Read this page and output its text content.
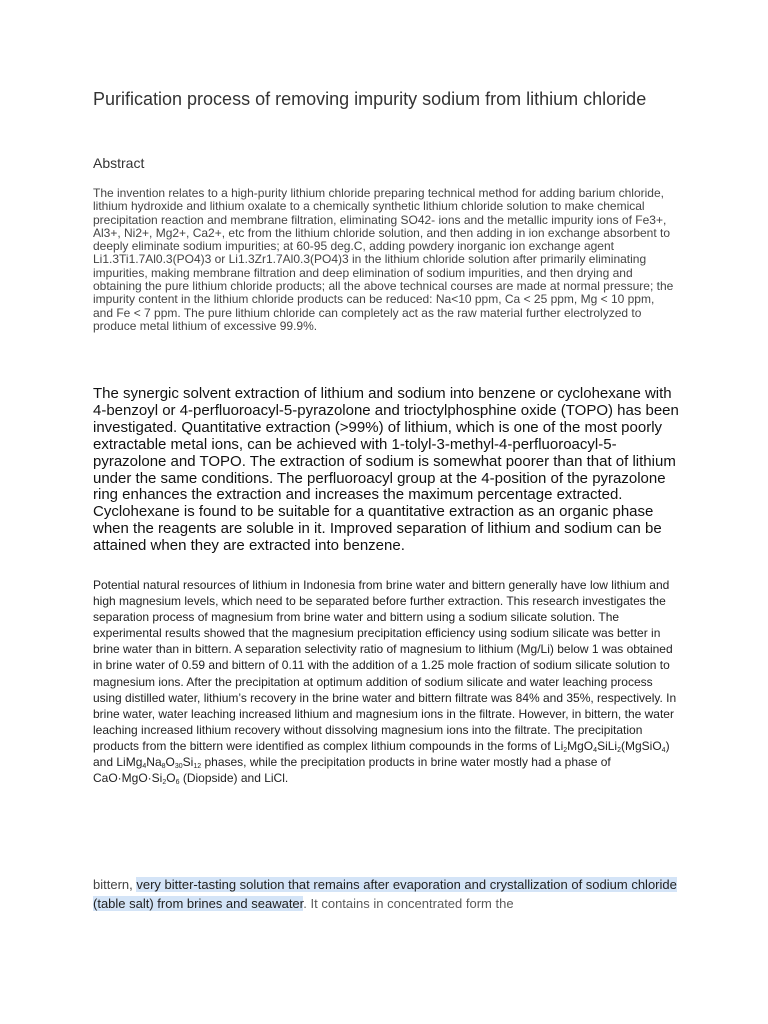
Purification process of removing impurity sodium from lithium chloride
Abstract

The invention relates to a high-purity lithium chloride preparing technical method for adding barium chloride, lithium hydroxide and lithium oxalate to a chemically synthetic lithium chloride solution to make chemical precipitation reaction and membrane filtration, eliminating SO42- ions and the metallic impurity ions of Fe3+, Al3+, Ni2+, Mg2+, Ca2+, etc from the lithium chloride solution, and then adding in ion exchange absorbent to deeply eliminate sodium impurities; at 60-95 deg.C, adding powdery inorganic ion exchange agent Li1.3Ti1.7Al0.3(PO4)3 or Li1.3Zr1.7Al0.3(PO4)3 in the lithium chloride solution after primarily eliminating impurities, making membrane filtration and deep elimination of sodium impurities, and then drying and obtaining the pure lithium chloride products; all the above technical courses are made at normal pressure; the impurity content in the lithium chloride products can be reduced: Na<10 ppm, Ca < 25 ppm, Mg < 10 ppm, and Fe < 7 ppm. The pure lithium chloride can completely act as the raw material further electrolyzed to produce metal lithium of excessive 99.9%.

The synergic solvent extraction of lithium and sodium into benzene or cyclohexane with 4-benzoyl or 4-perfluoroacyl-5-pyrazolone and trioctylphosphine oxide (TOPO) has been investigated. Quantitative extraction (>99%) of lithium, which is one of the most poorly extractable metal ions, can be achieved with 1-tolyl-3-methyl-4-perfluoroacyl-5-pyrazolone and TOPO. The extraction of sodium is somewhat poorer than that of lithium under the same conditions. The perfluoroacyl group at the 4-position of the pyrazolone ring enhances the extraction and increases the maximum percentage extracted. Cyclohexane is found to be suitable for a quantitative extraction as an organic phase when the reagents are soluble in it. Improved separation of lithium and sodium can be attained when they are extracted into benzene.

Potential natural resources of lithium in Indonesia from brine water and bittern generally have low lithium and high magnesium levels, which need to be separated before further extraction. This research investigates the separation process of magnesium from brine water and bittern using a sodium silicate solution. The experimental results showed that the magnesium precipitation efficiency using sodium silicate was better in brine water than in bittern. A separation selectivity ratio of magnesium to lithium (Mg/Li) below 1 was obtained in brine water of 0.59 and bittern of 0.11 with the addition of a 1.25 mole fraction of sodium silicate solution to magnesium ions. After the precipitation at optimum addition of sodium silicate and water leaching process using distilled water, lithium’s recovery in the brine water and bittern filtrate was 84% and 35%, respectively. In brine water, water leaching increased lithium and magnesium ions in the filtrate. However, in bittern, the water leaching increased lithium recovery without dissolving magnesium ions into the filtrate. The precipitation products from the bittern were identified as complex lithium compounds in the forms of $Li_2MgO_4SiLi_2(MgSiO_4)$ and $LiMg_4Na_8O_{30}Si_{12}$ phases, while the precipitation products in brine water mostly had a phase of $CaO\cdot MgO\cdot Si_2O_6$ (Diopside) and LiCl.

bittern, very bitter-tasting solution that remains after evaporation and crystallization of sodium chloride (table salt) from brines and seawater. It contains in concentrated form the
